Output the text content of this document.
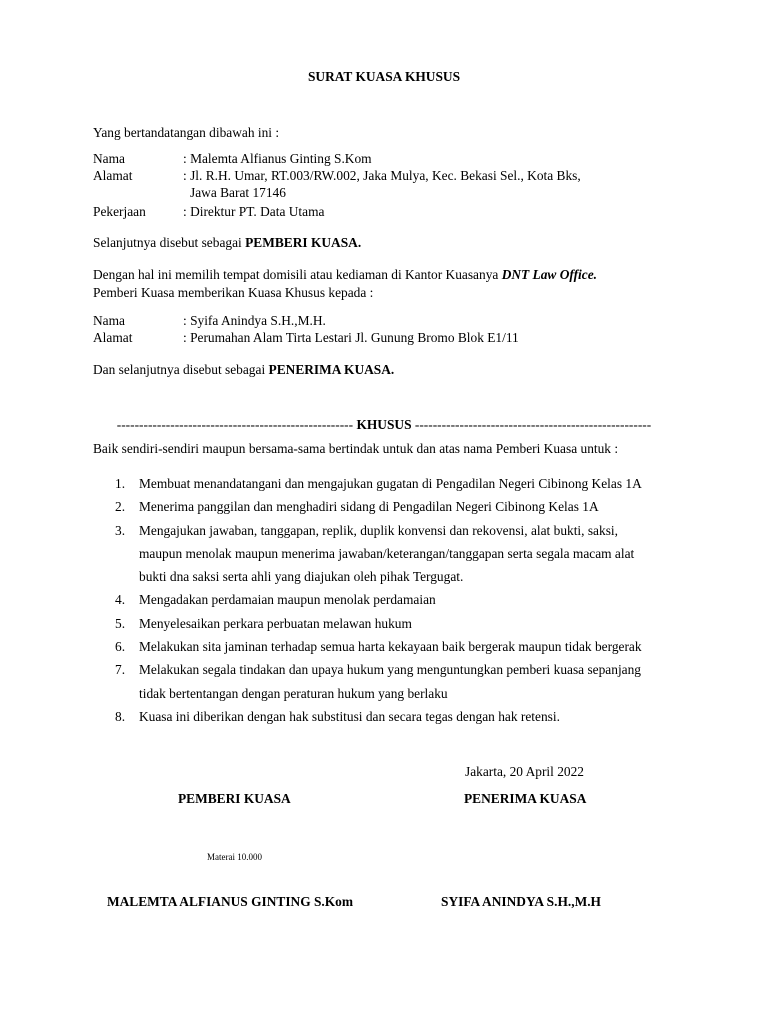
SURAT KUASA KHUSUS
Yang bertandatangan dibawah ini :
Nama	: Malemta Alfianus Ginting S.Kom
Alamat	: Jl. R.H. Umar, RT.003/RW.002, Jaka Mulya, Kec. Bekasi Sel., Kota Bks,
Jawa Barat 17146
Pekerjaan	: Direktur PT. Data Utama
Selanjutnya disebut sebagai PEMBERI KUASA.
Dengan hal ini memilih tempat domisili atau kediaman di Kantor Kuasanya DNT Law Office.
Pemberi Kuasa memberikan Kuasa Khusus kepada :
Nama	: Syifa Anindya S.H.,M.H.
Alamat	: Perumahan Alam Tirta Lestari Jl. Gunung Bromo Blok E1/11
Dan selanjutnya disebut sebagai PENERIMA KUASA.
----------------------------------------------------- KHUSUS -----------------------------------------------------
Baik sendiri-sendiri maupun bersama-sama bertindak untuk dan atas nama Pemberi Kuasa untuk :
1. Membuat menandatangani dan mengajukan gugatan di Pengadilan Negeri Cibinong Kelas 1A
2. Menerima panggilan dan menghadiri sidang di Pengadilan Negeri Cibinong Kelas 1A
3. Mengajukan jawaban, tanggapan, replik, duplik konvensi dan rekovensi, alat bukti, saksi,
maupun menolak maupun menerima jawaban/keterangan/tanggapan serta segala macam alat
bukti dna saksi serta ahli yang diajukan oleh pihak Tergugat.
4. Mengadakan perdamaian maupun menolak perdamaian
5. Menyelesaikan perkara perbuatan melawan hukum
6. Melakukan sita jaminan terhadap semua harta kekayaan baik bergerak maupun tidak bergerak
7. Melakukan segala tindakan dan upaya hukum yang menguntungkan pemberi kuasa sepanjang
tidak bertentangan dengan peraturan hukum yang berlaku
8. Kuasa ini diberikan dengan hak substitusi dan secara tegas dengan hak retensi.
Jakarta, 20 April 2022
PEMBERI KUASA	PENERIMA KUASA
Materai 10.000
MALEMTA ALFIANUS GINTING S.Kom	SYIFA ANINDYA S.H.,M.H
